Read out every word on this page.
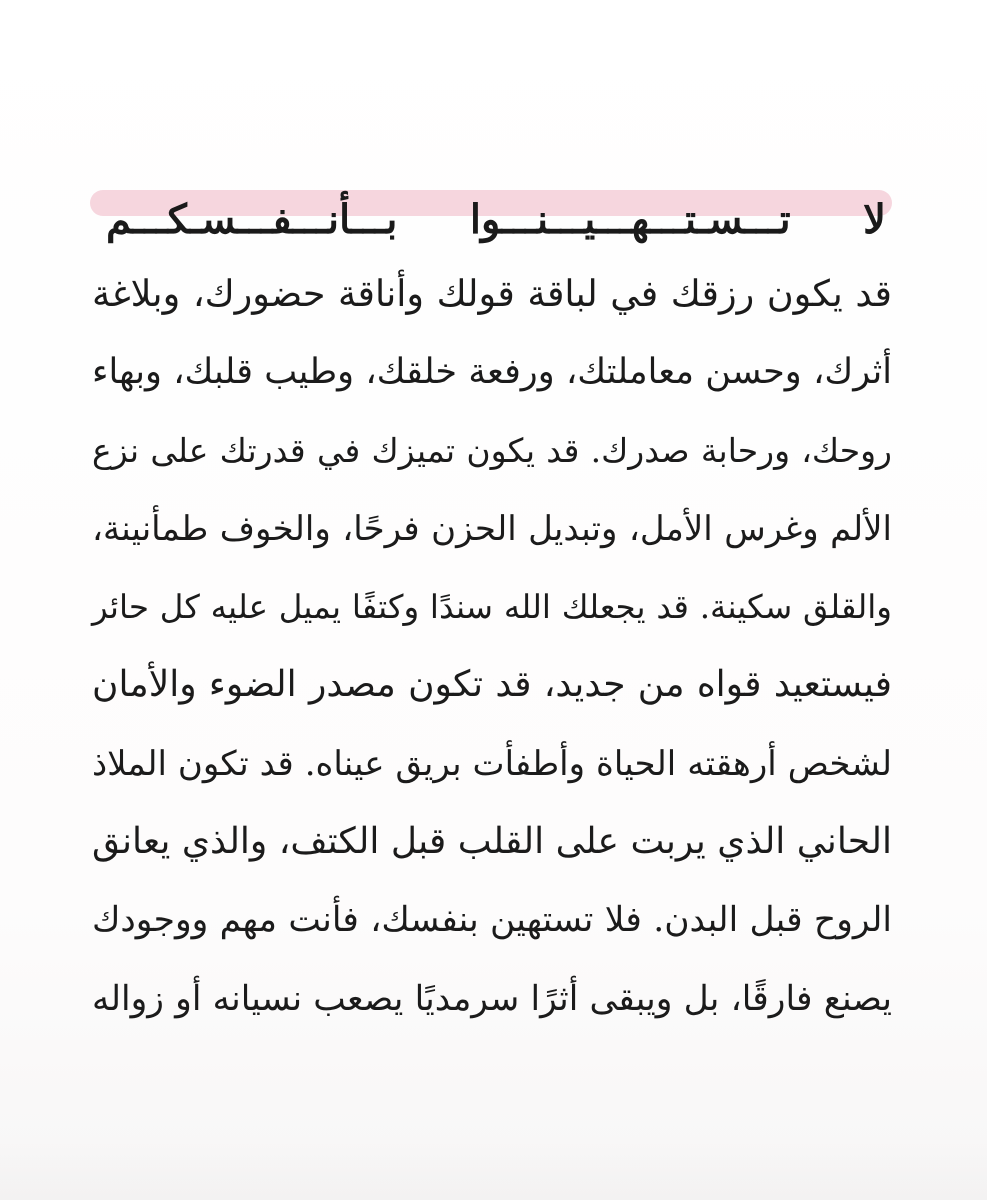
لا تـــسـتـــهـــيـــنـــوا بـــأنـــفـــسـكـــم
قد يكون رزقك في لباقة قولك وأناقة حضورك، وبلاغة
أثرك، وحسن معاملتك، ورفعة خلقك، وطيب قلبك، وبهاء
روحك، ورحابة صدرك. قد يكون تميزك في قدرتك على نزع
الألم وغرس الأمل، وتبديل الحزن فرحًا، والخوف طمأنينة،
والقلق سكينة. قد يجعلك الله سندًا وكتفًا يميل عليه كل حائر
فيستعيد قواه من جديد، قد تكون مصدر الضوء والأمان
لشخص أرهقته الحياة وأطفأت بريق عيناه. قد تكون الملاذ
الحاني الذي يربت على القلب قبل الكتف، والذي يعانق
الروح قبل البدن. فلا تستهين بنفسك، فأنت مهم ووجودك
يصنع فارقًا، بل ويبقى أثرًا سرمديًا يصعب نسيانه أو زواله
